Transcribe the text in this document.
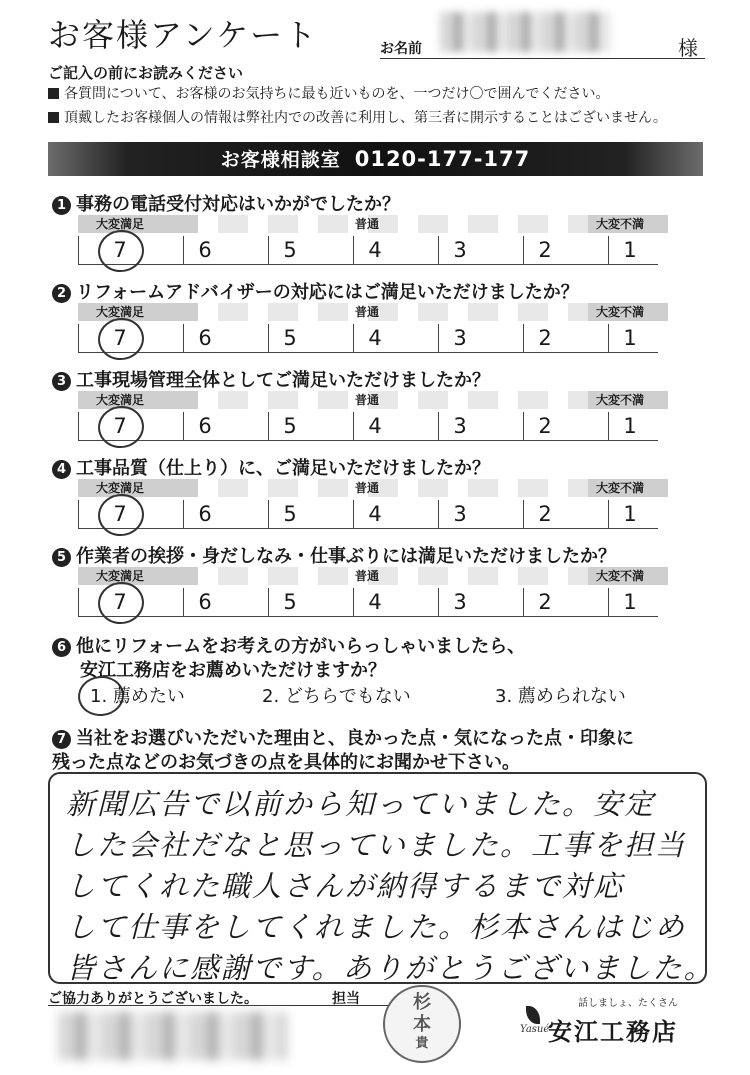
お客様アンケート	お名前	様
ご記入の前にお読みください
各質問について、お客様のお気持ちに最も近いものを、一つだけ〇で囲んでください。
頂戴したお客様個人の情報は弊社内での改善に利用し、第三者に開示することはございません。
お客様相談室 0120-177-177
1 事務の電話受付対応はいかがでしたか？
大変満足	普通	大変不満
7	6	5	4	3	2	1
2 リフォームアドバイザーの対応にはご満足いただけましたか？
大変満足	普通	大変不満
7	6	5	4	3	2	1
3 工事現場管理全体としてご満足いただけましたか？
大変満足	普通	大変不満
7	6	5	4	3	2	1
4 工事品質（仕上り）に、ご満足いただけましたか？
大変満足	普通	大変不満
7	6	5	4	3	2	1
5 作業者の挨拶・身だしなみ・仕事ぶりには満足いただけましたか？
大変満足	普通	大変不満
7	6	5	4	3	2	1
6 他にリフォームをお考えの方がいらっしゃいましたら、
安江工務店をお薦めいただけますか？
1. 薦めたい	2. どちらでもない	3. 薦められない
7 当社をお選びいただいた理由と、良かった点・気になった点・印象に
残った点などのお気づきの点を具体的にお聞かせ下さい。
新聞広告で以前から知っていました。安定
した会社だなと思っていました。工事を担当
してくれた職人さんが納得するまで対応
して仕事をしてくれました。杉本さんはじめ
皆さんに感謝です。ありがとうございました。
ご協力ありがとうございました。	担当	杉
本
貴
話しましょ、たくさん
Yasué
安江工務店
